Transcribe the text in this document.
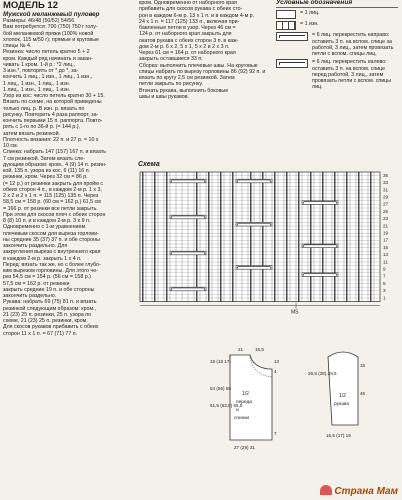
МОДЕЛЬ 12
Мужской меланжевый пуловер
Размеры: 46/48 (50/52) 54/56
Вам потребуется: 700 (750) 750 г голу-
бой меланжевой пряжи (100% новой
хлопок, 115 м/50 г); прямые и круговые
спицы № 4.
Резинка: число петель кратно 5 + 2
кром. Каждый ряд начинать и закан-
чивать 1 кром. 1-й р.: *2 лиц.,
3 изн.*, повторять от * до *, за-
кончить 1 лиц., 1 изн., 1 лиц., 1 изн.,
1 лиц., 1 изн., 1 лиц., 1 изн.
1 лиц., 1 изн., 1 лиц., 1 изн.
Узор из кос: число петель кратно 30 + 15.
Вязать по схеме, на которой приведены
только лиц. р. В изн. р. вязать по
рисунку. Повторить 4 раза раппорт, за-
кончить первыми 15 п. раппорта. Повто-
рять с 1-го по 36-й р. (= 144 р.),
затем вязать резинкой.
Плотность вязания: 22 п. и 27 р. = 10 х
10 см.
Спинка: набрать 147 (157) 167 п. и вязать
7 см резинкой. Затем вязать сле-
дующим образом: кром., 4 (9) 14 п. резин-
кой, 135 п. узора из кос, 6 (11) 16 п.
резинки, кром. Через 32 см = 86 р.
(= 12 р.) от резинки закрыть для пройм с
обеих сторон 4 п., в каждом 2-м р. 1 х 3,
2 х 2 и 2 х 1 п. = 115 (125) 135 п. Через
58,5 см = 158 р. (60 см = 162 р.) 61,5 см
= 166 р. от резинки все петли закрыть.
При этом для скосов плеч с обеих сторон
8 (8) 10 п. и в каждом 2-м р. 3 х 9 п.
Одновременно с 1-м уравнением
плечевым скосом для выреза горлови-
ны средние 35 (37) 37 п. и обе стороны
закончить раздельно. Для
закругления выреза с внутреннего края
в каждом 2-м р. закрыть 1 х 4 п.
Перед: вязать так же, но с более глубо-
ким вырезом горловины. Для этого че-
рез 54,5 см = 154 р. (56 см = 158 р.)
57,5 см = 162 р. от резинки
закрыть средние 19 п. и обе стороны
закончить раздельно.
Рукава: набрать 69 (75) 81 п. и вязать
резинкой следующим образом: кром.,
21 (23) 25 п. резинки, 25 п. узора по
схеме, 21 (23) 25 п. резинки, кром.
Для скосов рукавов прибавить с обеих
сторон 11 х 1 п. = 67 (71) 77 п.
кром. Одновременно от наборного края
прибавить для скосов рукава с обеих сто-
рон в каждом 6-м р. 13 х 1 п. и в каждом 4-м р.
24 х 1 п. = 117 (125) 133 п., включая при-
бавленные петли в узор. Через 46 см =
124 р. от наборного края закрыть для
окатов рукава с обеих сторон 3 п. в каж-
дом 2-м р. 6 х 2, 5 х 1, 5 х 2 и 2 х 3 п.
Через 61 см = 164 р. от наборного края
закрыть оставшиеся 33 п.
Сборка: выполнить плечевые швы. На круговые
спицы набрать по вырезу горловины 86 (92) 92 п. и
вязать по кругу 2,5 см резинкой. Затем
петли закрыть по рисунку.
Втачать рукава, выполнить боковые
швы и швы рукавов.
Условные обозначения
= 1 лиц.
= 1 изн.
= 6 лиц. перекрестить направо: оставить 3 п. на вспом. спице за работой, 3 лиц., затем провязать петли с вспом. спицы лиц.
= 6 лиц. перекрестить налево: оставить 3 п. на вспом. спице перед работой, 3 лиц., затем провязать петли с вспом. спицы лиц.
Схема
35
33
31
29
27
25
23
21
19
17
15
13
11
9
7
5
3
1
MS
21	15,5
16 (16 17)	13
4
54 (56) 58
61,5 (63,5) 65,5
7
27 (29) 31
1/2
переда
и
спинки
26,5 (28) 29,5
15
46
15,5 (17) 19
1/2
рукава
Страна Мам
